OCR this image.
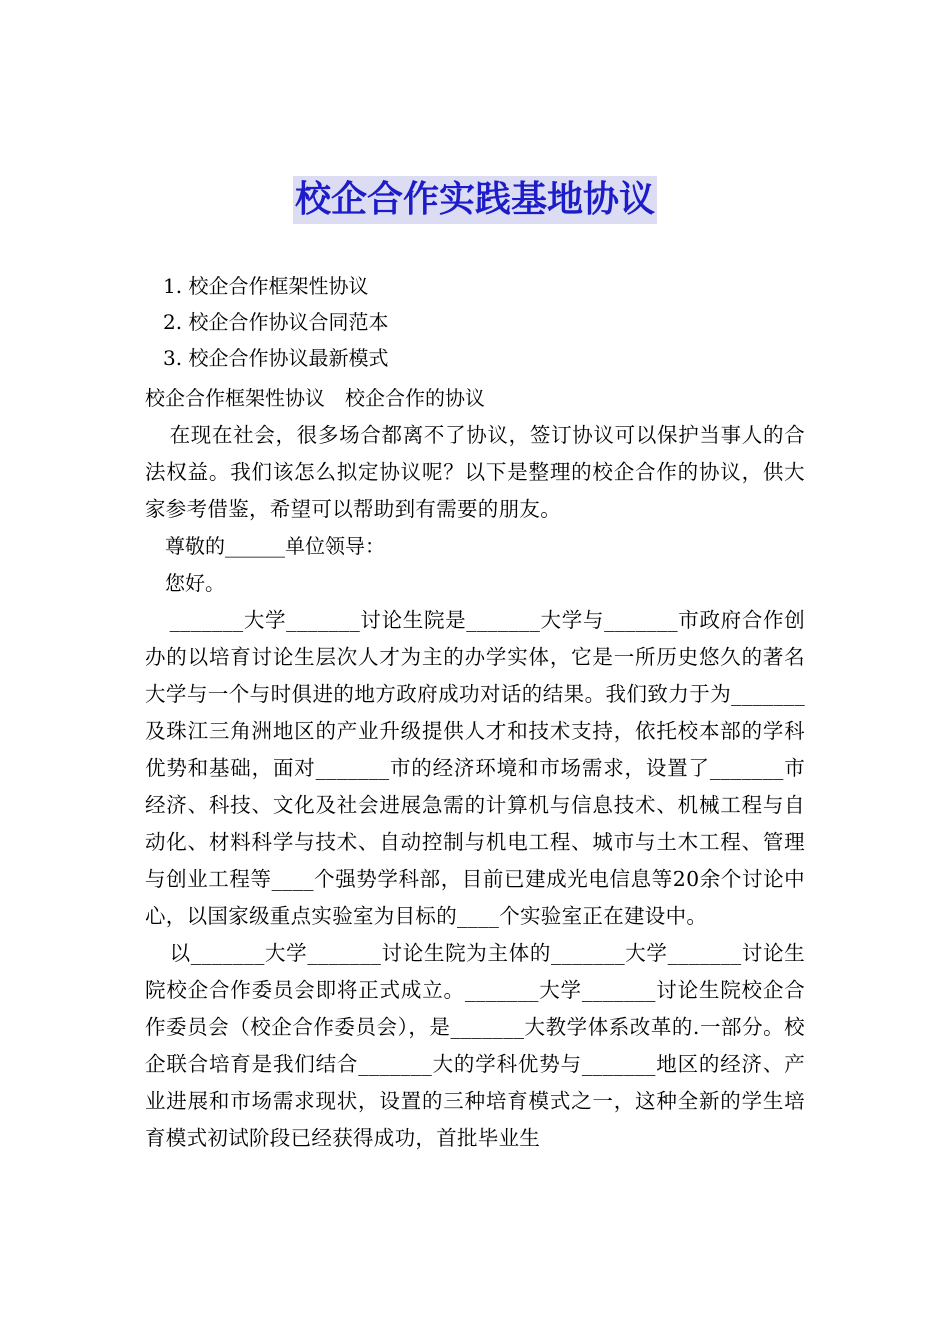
校企合作实践基地协议
1. 校企合作框架性协议
2. 校企合作协议合同范本
3. 校企合作协议最新模式
校企合作框架性协议　校企合作的协议

在现在社会，很多场合都离不了协议，签订协议可以保护当事人的合法权益。我们该怎么拟定协议呢？以下是整理的校企合作的协议，供大家参考借鉴，希望可以帮助到有需要的朋友。

尊敬的______单位领导：
您好。

_______大学_______讨论生院是_______大学与_______市政府合作创办的以培育讨论生层次人才为主的办学实体，它是一所历史悠久的著名大学与一个与时俱进的地方政府成功对话的结果。我们致力于为_______及珠江三角洲地区的产业升级提供人才和技术支持，依托校本部的学科优势和基础，面对_______市的经济环境和市场需求，设置了_______市经济、科技、文化及社会进展急需的计算机与信息技术、机械工程与自动化、材料科学与技术、自动控制与机电工程、城市与土木工程、管理与创业工程等____个强势学科部，目前已建成光电信息等20余个讨论中心，以国家级重点实验室为目标的____个实验室正在建设中。

以_______大学_______讨论生院为主体的_______大学_______讨论生院校企合作委员会即将正式成立。_______大学_______讨论生院校企合作委员会（校企合作委员会），是_______大教学体系改革的.一部分。校企联合培育是我们结合_______大的学科优势与_______地区的经济、产业进展和市场需求现状，设置的三种培育模式之一，这种全新的学生培育模式初试阶段已经获得成功，首批毕业生
